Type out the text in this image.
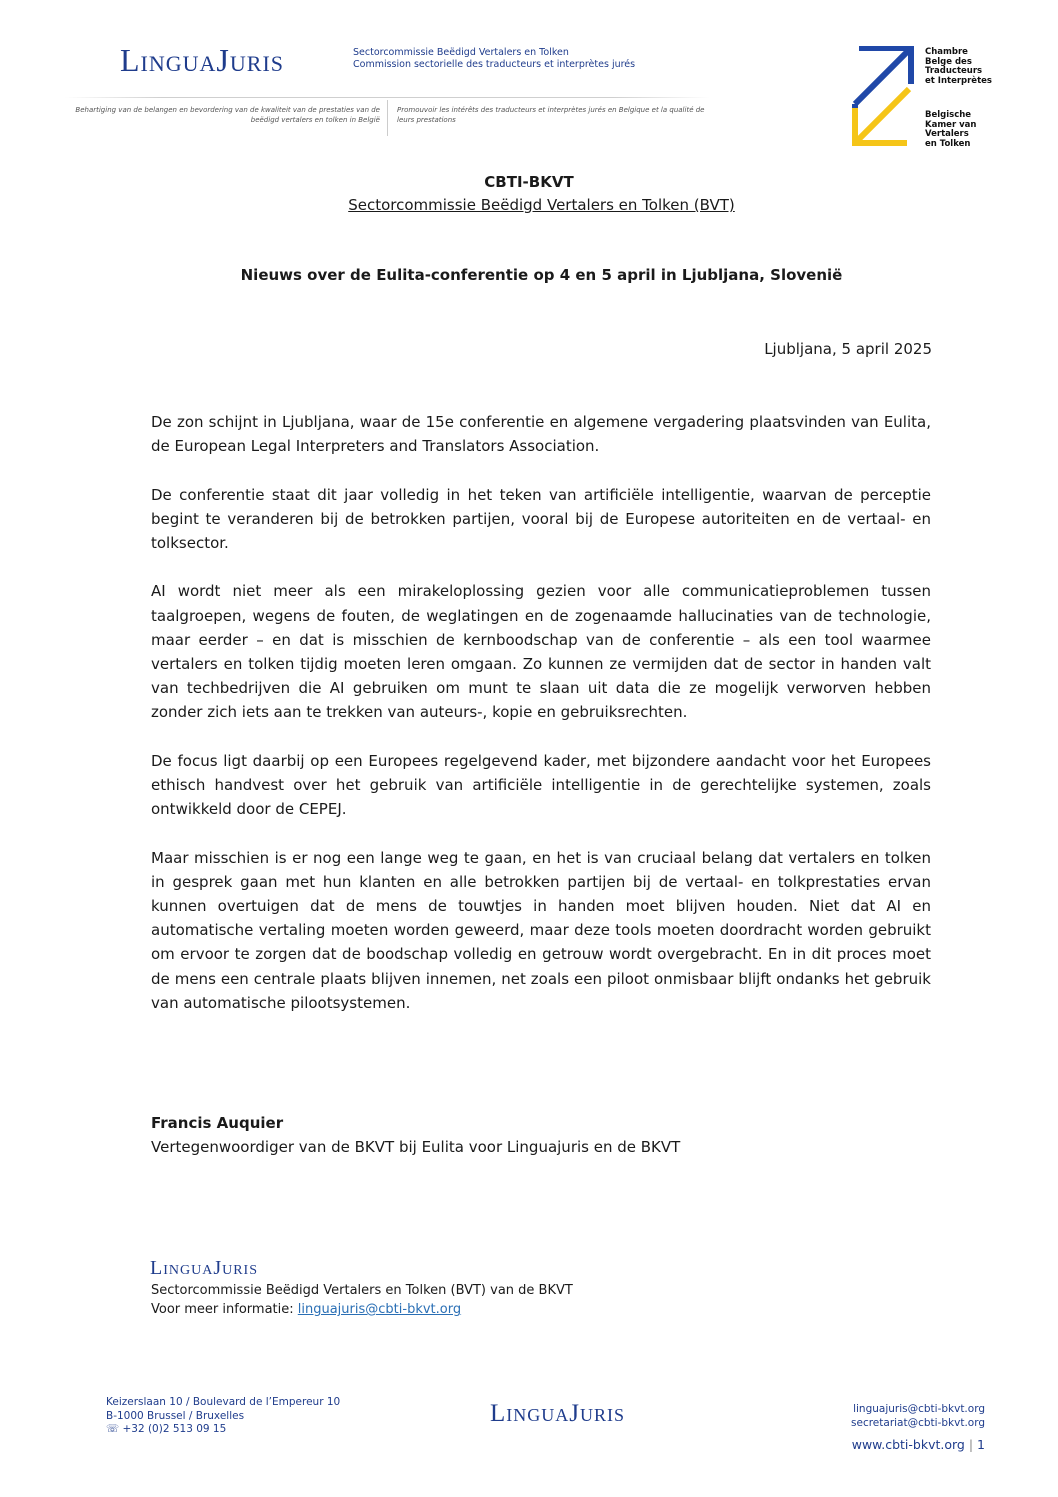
LinguaJuris	Sectorcommissie Beëdigd Vertalers en Tolken
Commission sectorielle des traducteurs et interprètes jurés
Behartiging van de belangen en bevordering van de kwaliteit van de prestaties van de beëdigd vertalers en tolken in België
Promouvoir les intérêts des traducteurs et interprètes jurés en Belgique et la qualité de leurs prestations
Chambre
Belge des
Traducteurs
et Interprètes
Belgische
Kamer van
Vertalers
en Tolken
CBTI-BKVT
Sectorcommissie Beëdigd Vertalers en Tolken (BVT)
Nieuws over de Eulita-conferentie op 4 en 5 april in Ljubljana, Slovenië
Ljubljana, 5 april 2025

De zon schijnt in Ljubljana, waar de 15e conferentie en algemene vergadering plaatsvinden van Eulita, de European Legal Interpreters and Translators Association.

De conferentie staat dit jaar volledig in het teken van artificiële intelligentie, waarvan de perceptie begint te veranderen bij de betrokken partijen, vooral bij de Europese autoriteiten en de vertaal- en tolksector.

AI wordt niet meer als een mirakeloplossing gezien voor alle communicatieproblemen tussen taalgroepen, wegens de fouten, de weglatingen en de zogenaamde hallucinaties van de technologie, maar eerder – en dat is misschien de kernboodschap van de conferentie – als een tool waarmee vertalers en tolken tijdig moeten leren omgaan. Zo kunnen ze vermijden dat de sector in handen valt van techbedrijven die AI gebruiken om munt te slaan uit data die ze mogelijk verworven hebben zonder zich iets aan te trekken van auteurs-, kopie en gebruiksrechten.

De focus ligt daarbij op een Europees regelgevend kader, met bijzondere aandacht voor het Europees ethisch handvest over het gebruik van artificiële intelligentie in de gerechtelijke systemen, zoals ontwikkeld door de CEPEJ.

Maar misschien is er nog een lange weg te gaan, en het is van cruciaal belang dat vertalers en tolken in gesprek gaan met hun klanten en alle betrokken partijen bij de vertaal- en tolkprestaties ervan kunnen overtuigen dat de mens de touwtjes in handen moet blijven houden. Niet dat AI en automatische vertaling moeten worden geweerd, maar deze tools moeten doordracht worden gebruikt om ervoor te zorgen dat de boodschap volledig en getrouw wordt overgebracht. En in dit proces moet de mens een centrale plaats blijven innemen, net zoals een piloot onmisbaar blijft ondanks het gebruik van automatische pilootsystemen.

Francis Auquier
Vertegenwoordiger van de BKVT bij Eulita voor Linguajuris en de BKVT
LinguaJuris
Sectorcommissie Beëdigd Vertalers en Tolken (BVT) van de BKVT
Voor meer informatie: linguajuris@cbti-bkvt.org
Keizerslaan 10 / Boulevard de l’Empereur 10
B-1000 Brussel / Bruxelles
☏ +32 (0)2 513 09 15
LinguaJuris	linguajuris@cbti-bkvt.org
secretariat@cbti-bkvt.org
www.cbti-bkvt.org | 1
